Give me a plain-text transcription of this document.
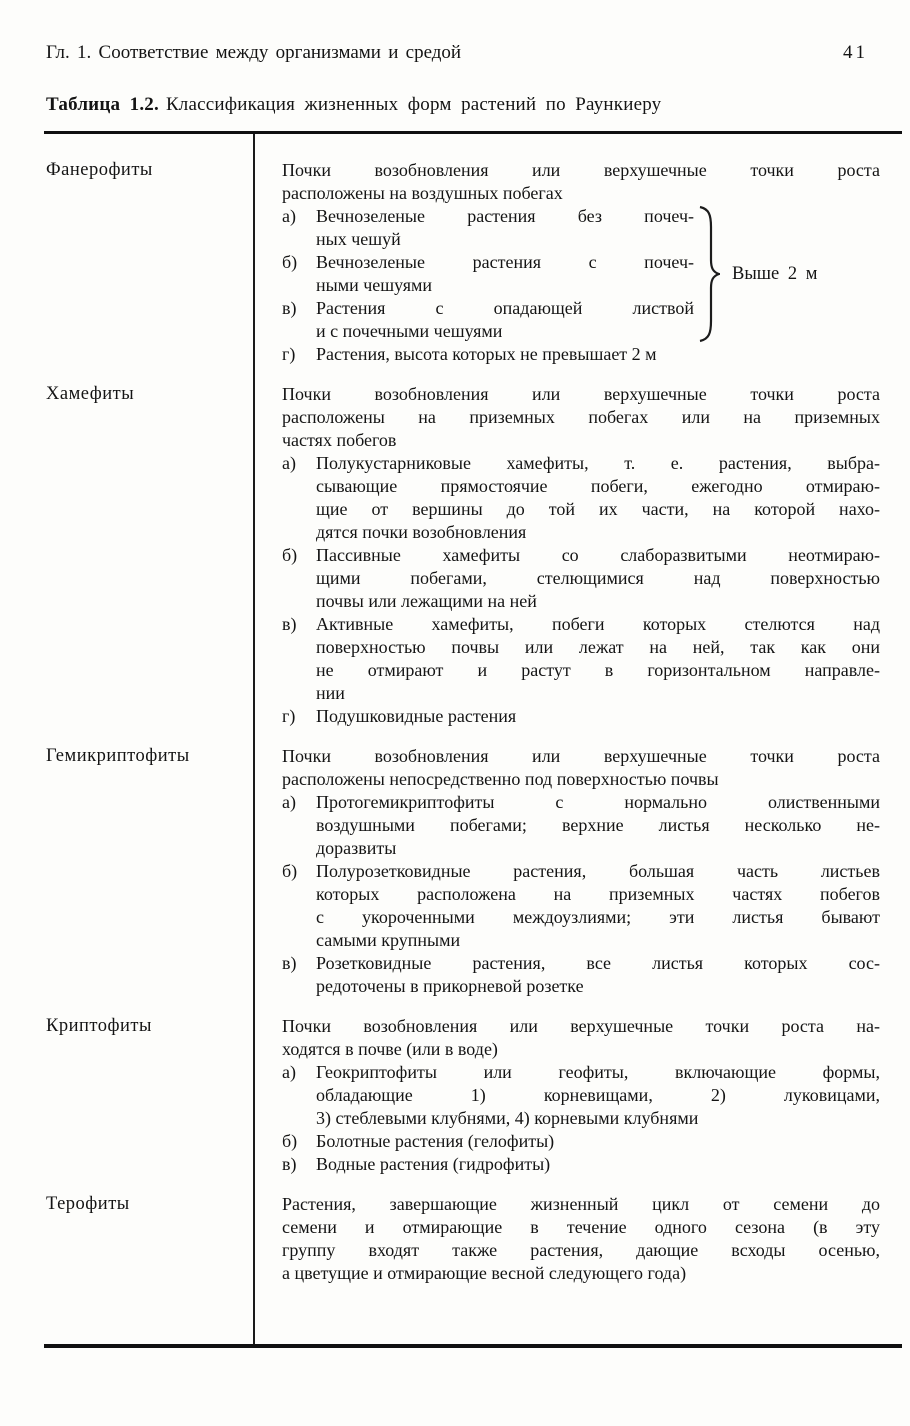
Гл. 1. Соответствие между организмами и средой	41
Таблица 1.2. Классификация жизненных форм растений по Раункиеру
Фанерофиты	Почки возобновления или верхушечные точки роста
расположены на воздушных побегах
а) Вечнозеленые растения без почеч-
ных чешуй
б) Вечнозеленые растения с почеч-
ными чешуями
в) Растения с опадающей листвой
и с почечными чешуями
Выше 2 м
г) Растения, высота которых не превышает 2 м
Хамефиты	Почки возобновления или верхушечные точки роста
расположены на приземных побегах или на приземных
частях побегов
а) Полукустарниковые хамефиты, т. е. растения, выбра-
сывающие прямостоячие побеги, ежегодно отмираю-
щие от вершины до той их части, на которой нахо-
дятся почки возобновления
б) Пассивные хамефиты со слаборазвитыми неотмираю-
щими побегами, стелющимися над поверхностью
почвы или лежащими на ней
в) Активные хамефиты, побеги которых стелются над
поверхностью почвы или лежат на ней, так как они
не отмирают и растут в горизонтальном направле-
нии
г) Подушковидные растения
Гемикриптофиты	Почки возобновления или верхушечные точки роста
расположены непосредственно под поверхностью почвы
а) Протогемикриптофиты с нормально олиственными
воздушными побегами; верхние листья несколько не-
доразвиты
б) Полурозетковидные растения, большая часть листьев
которых расположена на приземных частях побегов
с укороченными междоузлиями; эти листья бывают
самыми крупными
в) Розетковидные растения, все листья которых сос-
редоточены в прикорневой розетке
Криптофиты	Почки возобновления или верхушечные точки роста на-
ходятся в почве (или в воде)
а) Геокриптофиты или геофиты, включающие формы,
обладающие 1) корневищами, 2) луковицами,
3) стеблевыми клубнями, 4) корневыми клубнями
б) Болотные растения (гелофиты)
в) Водные растения (гидрофиты)
Терофиты	Растения, завершающие жизненный цикл от семени до
семени и отмирающие в течение одного сезона (в эту
группу входят также растения, дающие всходы осенью,
а цветущие и отмирающие весной следующего года)
